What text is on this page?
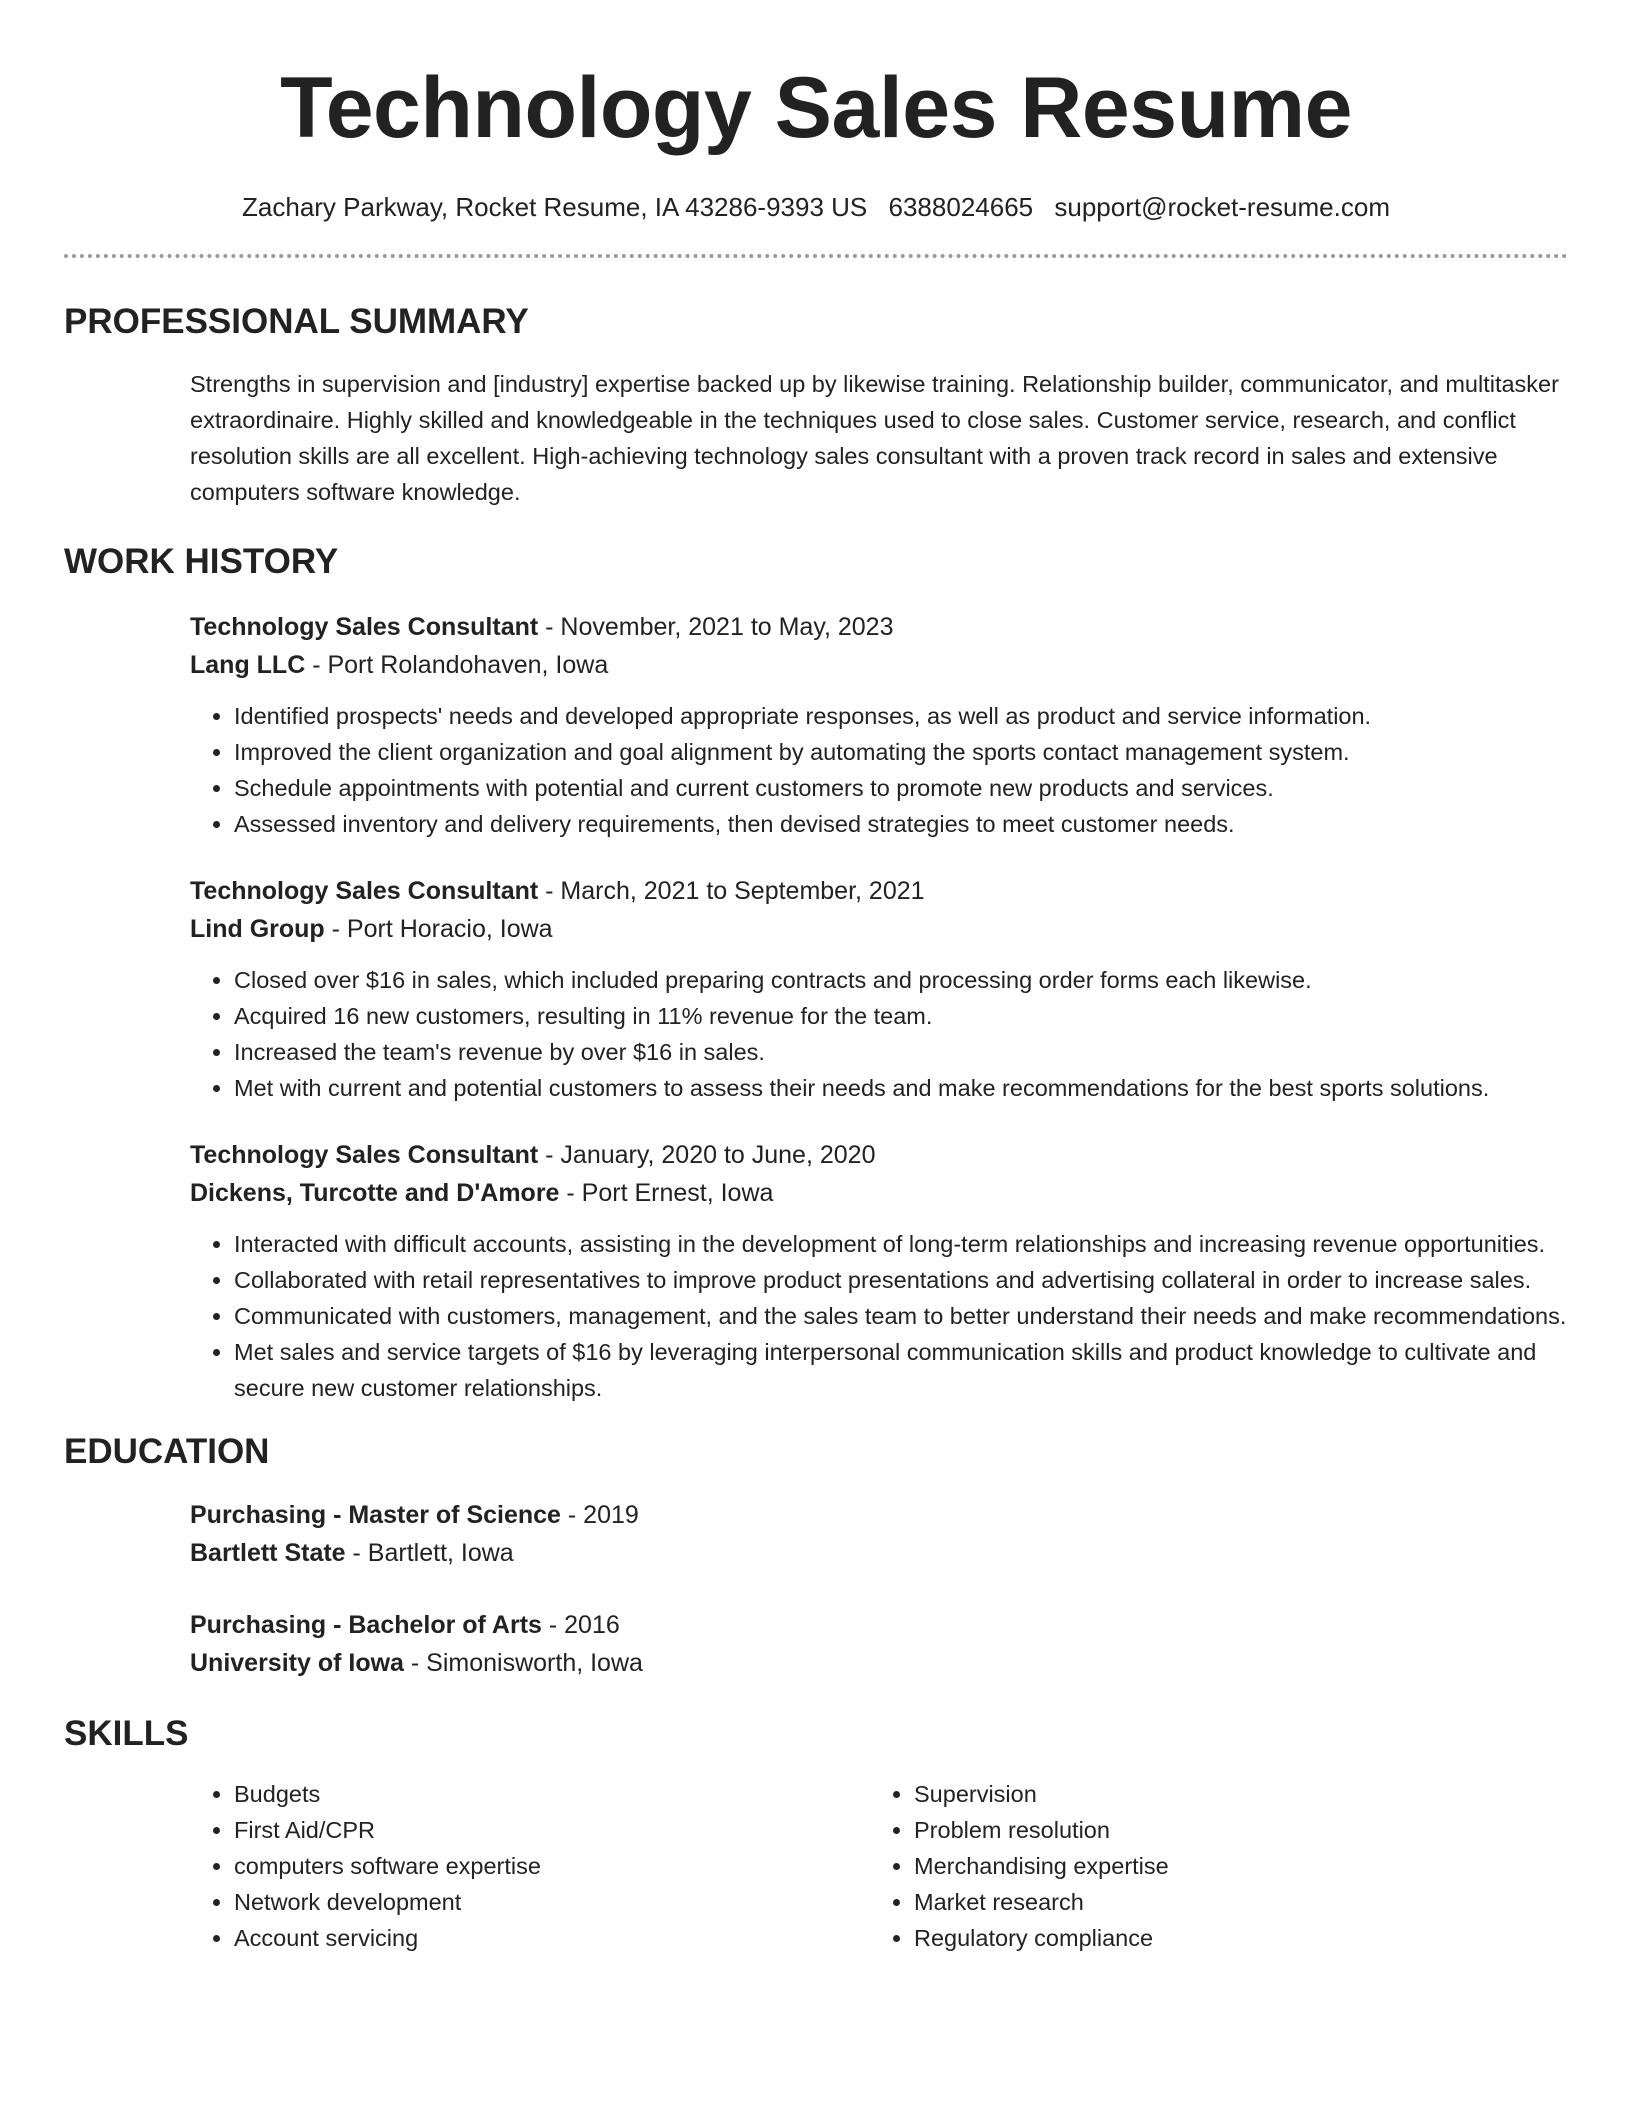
Technology Sales Resume
Zachary Parkway, Rocket Resume, IA 43286-9393 US 6388024665 support@rocket-resume.com
PROFESSIONAL SUMMARY

Strengths in supervision and [industry] expertise backed up by likewise training. Relationship builder, communicator, and multitasker extraordinaire. Highly skilled and knowledgeable in the techniques used to close sales. Customer service, research, and conflict resolution skills are all excellent. High-achieving technology sales consultant with a proven track record in sales and extensive computers software knowledge.

WORK HISTORY
Technology Sales Consultant - November, 2021 to May, 2023
Lang LLC - Port Rolandohaven, Iowa
• Identified prospects' needs and developed appropriate responses, as well as product and service information.
• Improved the client organization and goal alignment by automating the sports contact management system.
• Schedule appointments with potential and current customers to promote new products and services.
• Assessed inventory and delivery requirements, then devised strategies to meet customer needs.
Technology Sales Consultant - March, 2021 to September, 2021
Lind Group - Port Horacio, Iowa
• Closed over $16 in sales, which included preparing contracts and processing order forms each likewise.
• Acquired 16 new customers, resulting in 11% revenue for the team.
• Increased the team's revenue by over $16 in sales.
• Met with current and potential customers to assess their needs and make recommendations for the best sports solutions.
Technology Sales Consultant - January, 2020 to June, 2020
Dickens, Turcotte and D'Amore - Port Ernest, Iowa
• Interacted with difficult accounts, assisting in the development of long-term relationships and increasing revenue opportunities.
• Collaborated with retail representatives to improve product presentations and advertising collateral in order to increase sales.
• Communicated with customers, management, and the sales team to better understand their needs and make recommendations.
• Met sales and service targets of $16 by leveraging interpersonal communication skills and product knowledge to cultivate and secure new customer relationships.
EDUCATION
Purchasing - Master of Science - 2019
Bartlett State - Bartlett, Iowa
Purchasing - Bachelor of Arts - 2016
University of Iowa - Simonisworth, Iowa
SKILLS
• Budgets
• First Aid/CPR
• computers software expertise
• Network development
• Account servicing
• Supervision
• Problem resolution
• Merchandising expertise
• Market research
• Regulatory compliance
